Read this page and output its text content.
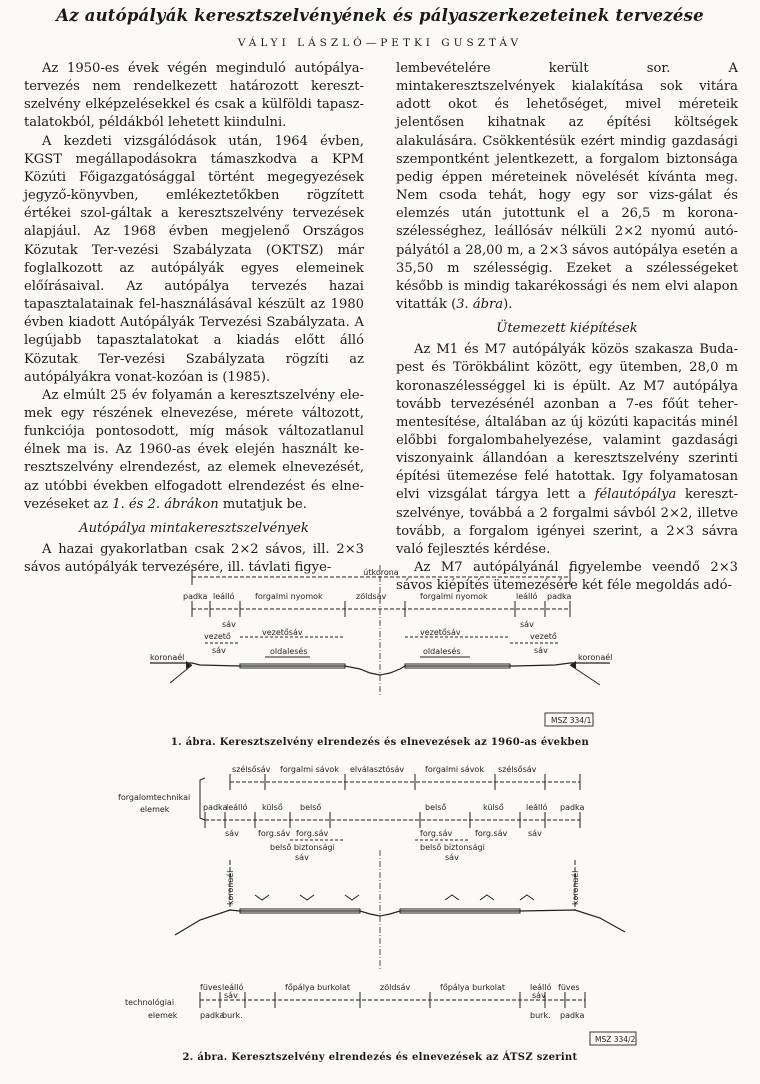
Az autópályák keresztszelvényének és pályaszerkezeteinek tervezése
VÁLYI LÁSZLÓ—PETKI GUSZTÁV

Az 1950-es évek végén meginduló autópálya-tervezés nem rendelkezett határozott kereszt-szelvény elképzelésekkel és csak a külföldi tapasz-talatokból, példákból lehetett kiindulni.

A kezdeti vizsgálódások után, 1964 évben, KGST megállapodásokra támaszkodva a KPM Közúti Főigazgatósággal történt megegyezések jegyző-könyvben, emlékeztetőkben rögzített értékei szol-gáltak a keresztszelvény tervezések alapjául. Az 1968 évben megjelenő Országos Közutak Ter-vezési Szabályzata (OKTSZ) már foglalkozott az autópályák egyes elemeinek előírásaival. Az autópálya tervezés hazai tapasztalatainak fel-használásával készült az 1980 évben kiadott Autópályák Tervezési Szabályzata. A legújabb tapasztalatokat a kiadás előtt álló Közutak Ter-vezési Szabályzata rögzíti az autópályákra vonat-kozóan is (1985).

Az elmúlt 25 év folyamán a keresztszelvény ele-mek egy részének elnevezése, mérete változott, funkciója pontosodott, míg mások változatlanul élnek ma is. Az 1960-as évek elején használt ke-resztszelvény elrendezést, az elemek elnevezését, az utóbbi években elfogadott elrendezést és elne-vezéseket az 1. és 2. ábrákon mutatjuk be.

Autópálya mintakeresztszelvények

A hazai gyakorlatban csak 2×2 sávos, ill. 2×3 sávos autópályák tervezésére, ill. távlati figye-

lembevételére került sor. A mintakeresztszelvények kialakítása sok vitára adott okot és lehetőséget, mivel méreteik jelentősen kihatnak az építési költségek alakulására. Csökkentésük ezért mindig gazdasági szempontként jelentkezett, a forgalom biztonsága pedig éppen méreteinek növelését kívánta meg. Nem csoda tehát, hogy egy sor vizs-gálat és elemzés után jutottunk el a 26,5 m korona-szélességhez, leállósáv nélküli 2×2 nyomú autó-pályától a 28,00 m, a 2×3 sávos autópálya esetén a 35,50 m szélességig. Ezeket a szélességeket később is mindig takarékossági és nem elvi alapon vitatták (3. ábra).

Ütemezett kiépítések

Az M1 és M7 autópályák közös szakasza Buda-pest és Törökbálint között, egy ütemben, 28,0 m koronaszélességgel ki is épült. Az M7 autópálya tovább tervezésénél azonban a 7-es főút teher-mentesítése, általában az új közúti kapacitás minél előbbi forgalombahelyezése, valamint gazdasági viszonyaink állandóan a keresztszelvény szerinti építési ütemezése felé hatottak. Igy folyamatosan elvi vizsgálat tárgya lett a félautópálya kereszt-szelvénye, továbbá a 2 forgalmi sávból 2×2, illetve tovább, a forgalom igényei szerint, a 2×3 sávra való fejlesztés kérdése.

Az M7 autópályánál figyelembe veendő 2×3 sávos kiépítés ütemezésére két féle megoldás adó-

útkorona
padka leálló
sáv
forgalmi nyomok	zöldsáv	forgalmi nyomok	leálló padka
sáv
vezető
sáv
vezetősáv	vezetősáv	vezető
sáv
koronaél	koronaél
oldalesés	oldalesés
MSZ 334/1
1. ábra. Keresztszelvény elrendezés és elnevezések az 1960-as években
szélsősáv forgalmi sávok elválasztósáv	forgalmi sávok szélsősáv
forgalomtechnikai
elemek	padka
leálló külső belső
sáv forg.sáv forg.sáv
belső biztonsági
sáv
belső	külső	leálló padka
forg.sáv	forg.sáv	sáv
belső biztonsági
sáv
koronaél	koronaél
technológiai
elemek
füves leálló
sáv
padka
burk.
főpálya burkolat	zöldsáv	főpálya burkolat	leálló
sáv
füves
burk. padka
MSZ 334/2
2. ábra. Keresztszelvény elrendezés és elnevezések az ÁTSZ szerint
